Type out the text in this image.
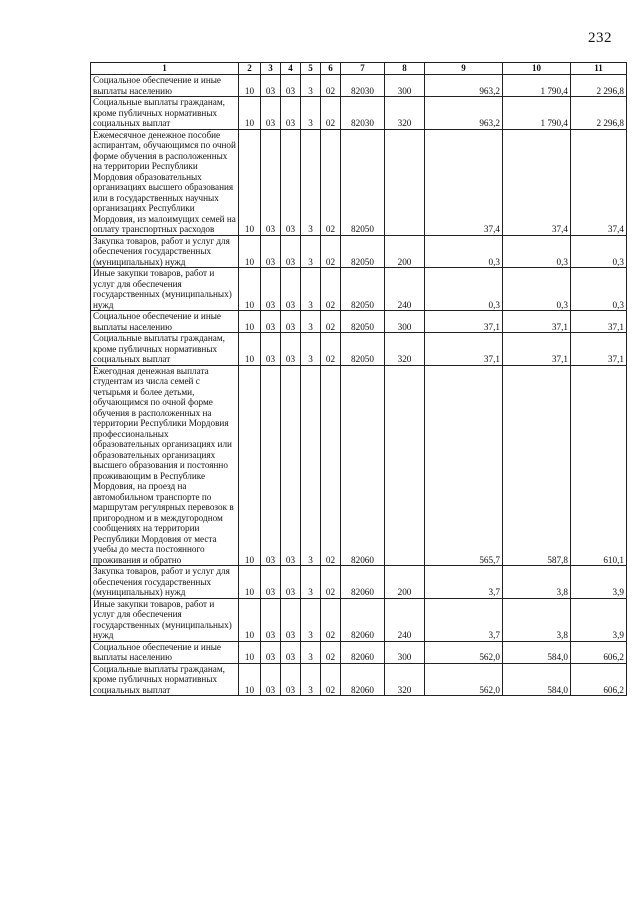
232
1	2	3	4	5	6	7	8	9	10	11
Социальное обеспечение и иные выплаты населению	10	03	03	3	02	82030	300	963,2	1 790,4	2 296,8
Социальные выплаты гражданам, кроме публичных нормативных социальных выплат	10	03	03	3	02	82030	320	963,2	1 790,4	2 296,8
Ежемесячное денежное пособие аспирантам, обучающимся по очной форме обучения в расположенных на территории Республики Мордовия образовательных организациях высшего образования или в государственных научных организациях Республики Мордовия, из малоимущих семей на оплату транспортных расходов	10	03	03	3	02	82050		37,4	37,4	37,4
Закупка товаров, работ и услуг для обеспечения государственных (муниципальных) нужд	10	03	03	3	02	82050	200	0,3	0,3	0,3
Иные закупки товаров, работ и услуг для обеспечения государственных (муниципальных) нужд	10	03	03	3	02	82050	240	0,3	0,3	0,3
Социальное обеспечение и иные выплаты населению	10	03	03	3	02	82050	300	37,1	37,1	37,1
Социальные выплаты гражданам, кроме публичных нормативных социальных выплат	10	03	03	3	02	82050	320	37,1	37,1	37,1
Ежегодная денежная выплата студентам из числа семей с четырьмя и более детьми, обучающимся по очной форме обучения в расположенных на территории Республики Мордовия профессиональных образовательных организациях или образовательных организациях высшего образования и постоянно проживающим в Республике Мордовия, на проезд на автомобильном транспорте по маршрутам регулярных перевозок в пригородном и в междугородном сообщениях на территории Республики Мордовия от места учебы до места постоянного проживания и обратно	10	03	03	3	02	82060		565,7	587,8	610,1
Закупка товаров, работ и услуг для обеспечения государственных (муниципальных) нужд	10	03	03	3	02	82060	200	3,7	3,8	3,9
Иные закупки товаров, работ и услуг для обеспечения государственных (муниципальных) нужд	10	03	03	3	02	82060	240	3,7	3,8	3,9
Социальное обеспечение и иные выплаты населению	10	03	03	3	02	82060	300	562,0	584,0	606,2
Социальные выплаты гражданам, кроме публичных нормативных социальных выплат	10	03	03	3	02	82060	320	562,0	584,0	606,2
